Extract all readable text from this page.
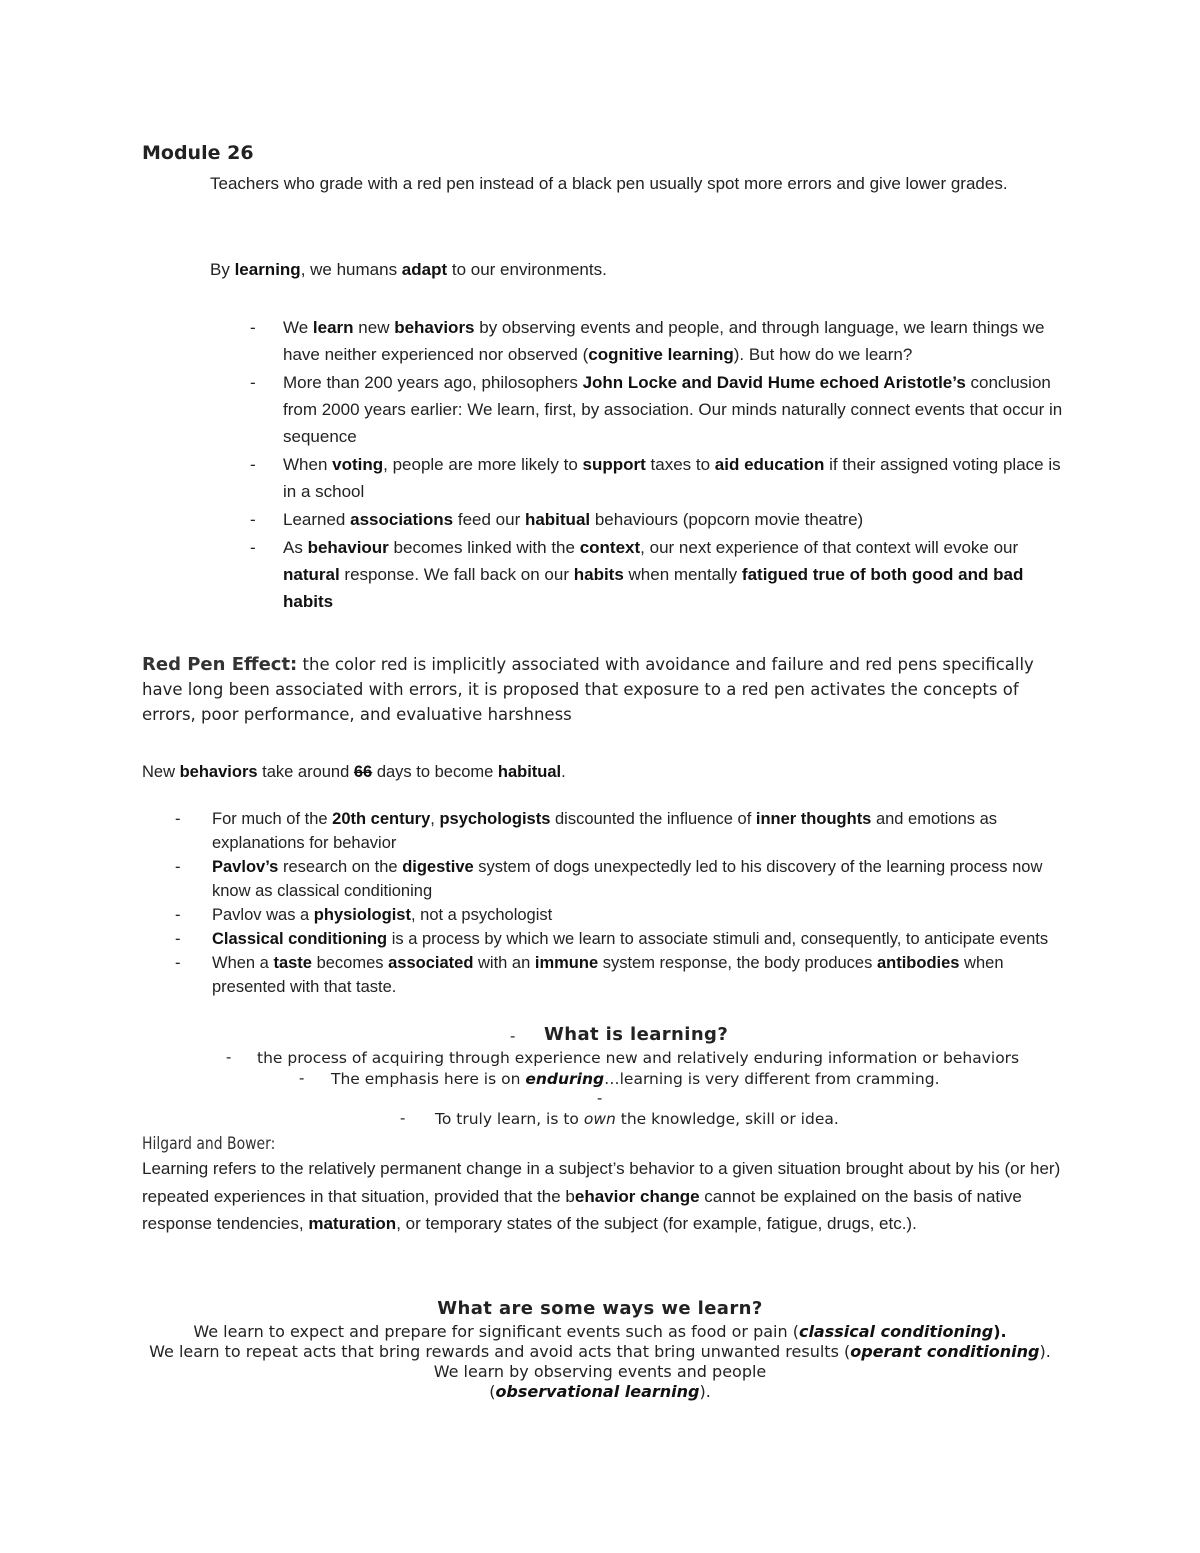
Module 26
Teachers who grade with a red pen instead of a black pen usually spot more errors and give lower grades.
By learning, we humans adapt to our environments.
- We learn new behaviors by observing events and people, and through language, we learn things we have neither experienced nor observed (cognitive learning). But how do we learn?
- More than 200 years ago, philosophers John Locke and David Hume echoed Aristotle’s conclusion from 2000 years earlier: We learn, first, by association. Our minds naturally connect events that occur in sequence
- When voting, people are more likely to support taxes to aid education if their assigned voting place is in a school
- Learned associations feed our habitual behaviours (popcorn movie theatre)
- As behaviour becomes linked with the context, our next experience of that context will evoke our natural response. We fall back on our habits when mentally fatigued true of both good and bad habits
Red Pen Effect: the color red is implicitly associated with avoidance and failure and red pens specifically have long been associated with errors, it is proposed that exposure to a red pen activates the concepts of errors, poor performance, and evaluative harshness
New behaviors take around 66 days to become habitual.
- For much of the 20th century, psychologists discounted the influence of inner thoughts and emotions as explanations for behavior
- Pavlov’s research on the digestive system of dogs unexpectedly led to his discovery of the learning process now know as classical conditioning
- Pavlov was a physiologist, not a psychologist
- Classical conditioning is a process by which we learn to associate stimuli and, consequently, to anticipate events
- When a taste becomes associated with an immune system response, the body produces antibodies when presented with that taste.
- What is learning?
- the process of acquiring through experience new and relatively enduring information or behaviors
- The emphasis here is on enduring…learning is very different from cramming.
-
- To truly learn, is to own the knowledge, skill or idea.
Hilgard and Bower:
Learning refers to the relatively permanent change in a subject’s behavior to a given situation brought about by his (or her) repeated experiences in that situation, provided that the behavior change cannot be explained on the basis of native response tendencies, maturation, or temporary states of the subject (for example, fatigue, drugs, etc.).
What are some ways we learn?
We learn to expect and prepare for significant events such as food or pain (classical conditioning).
We learn to repeat acts that bring rewards and avoid acts that bring unwanted results (operant conditioning).
We learn by observing events and people
(observational learning).
